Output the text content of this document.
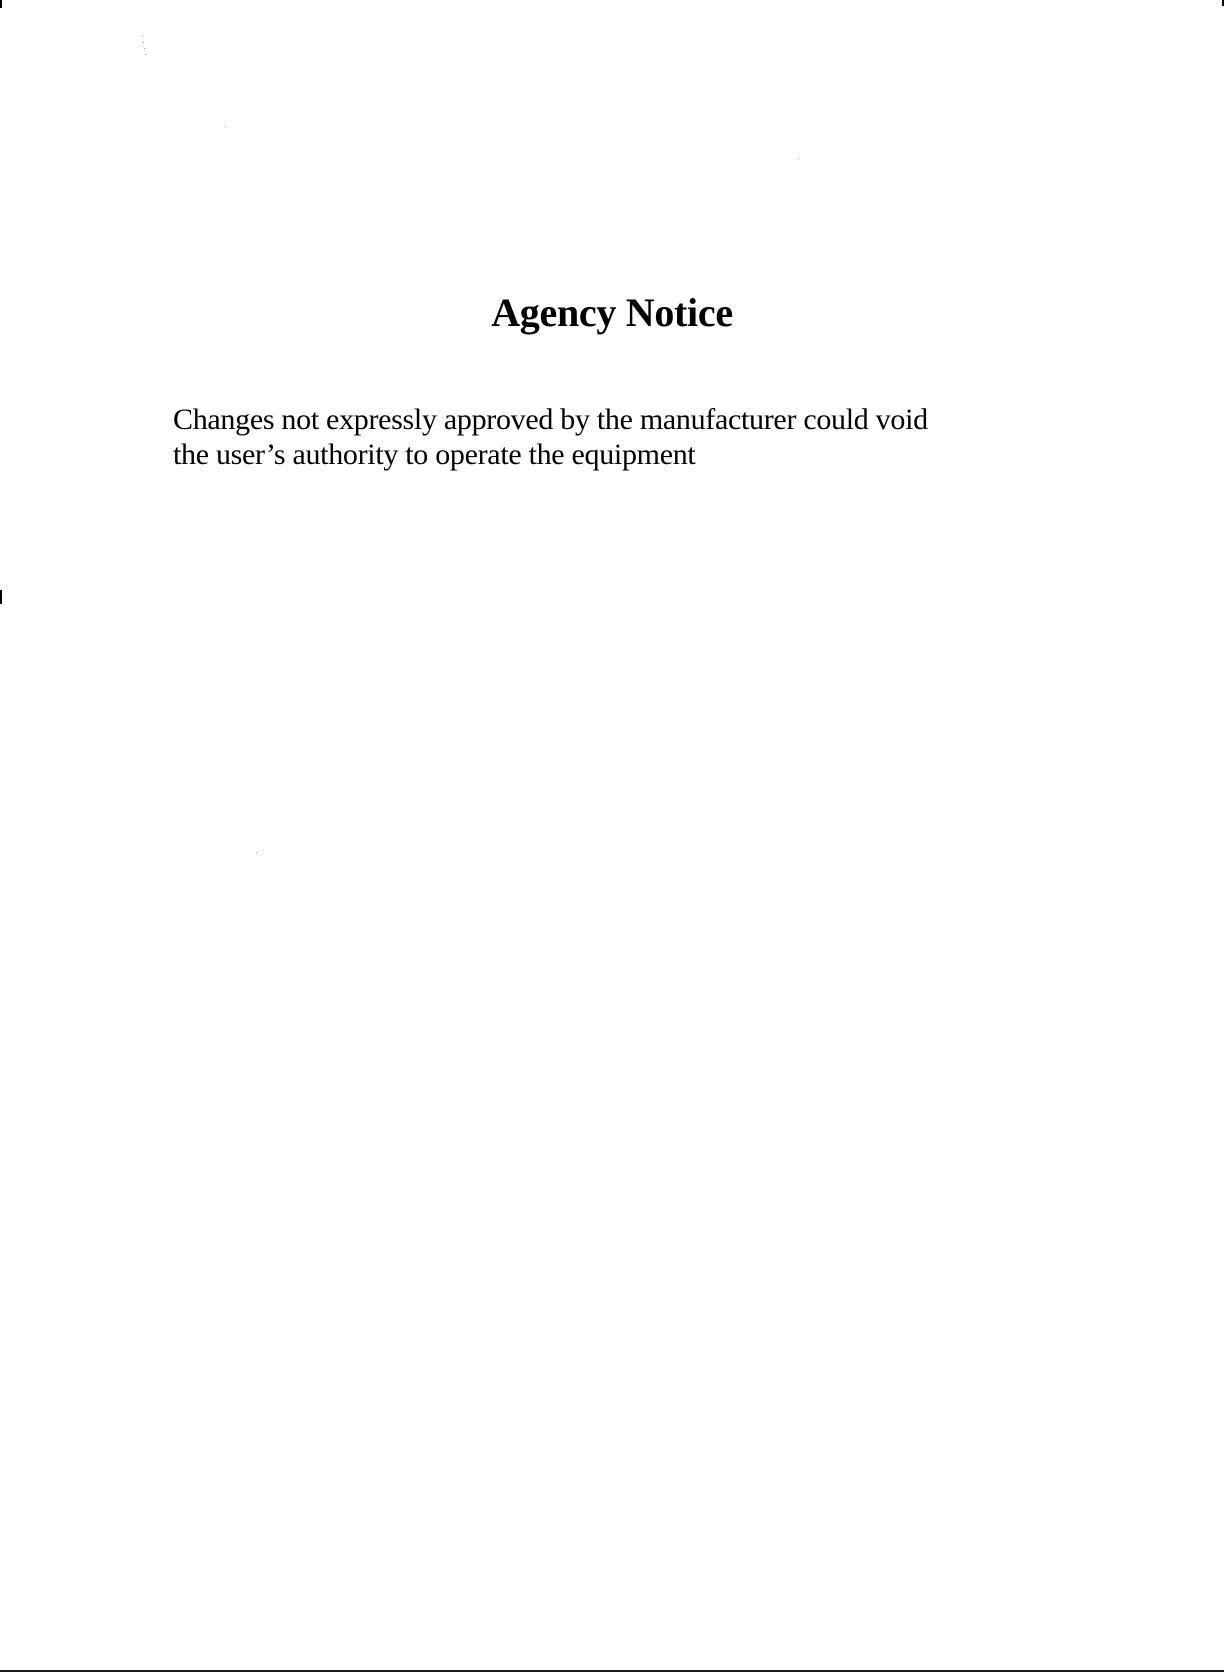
Agency Notice

Changes not expressly approved by the manufacturer could void
the user’s authority to operate the equipment
